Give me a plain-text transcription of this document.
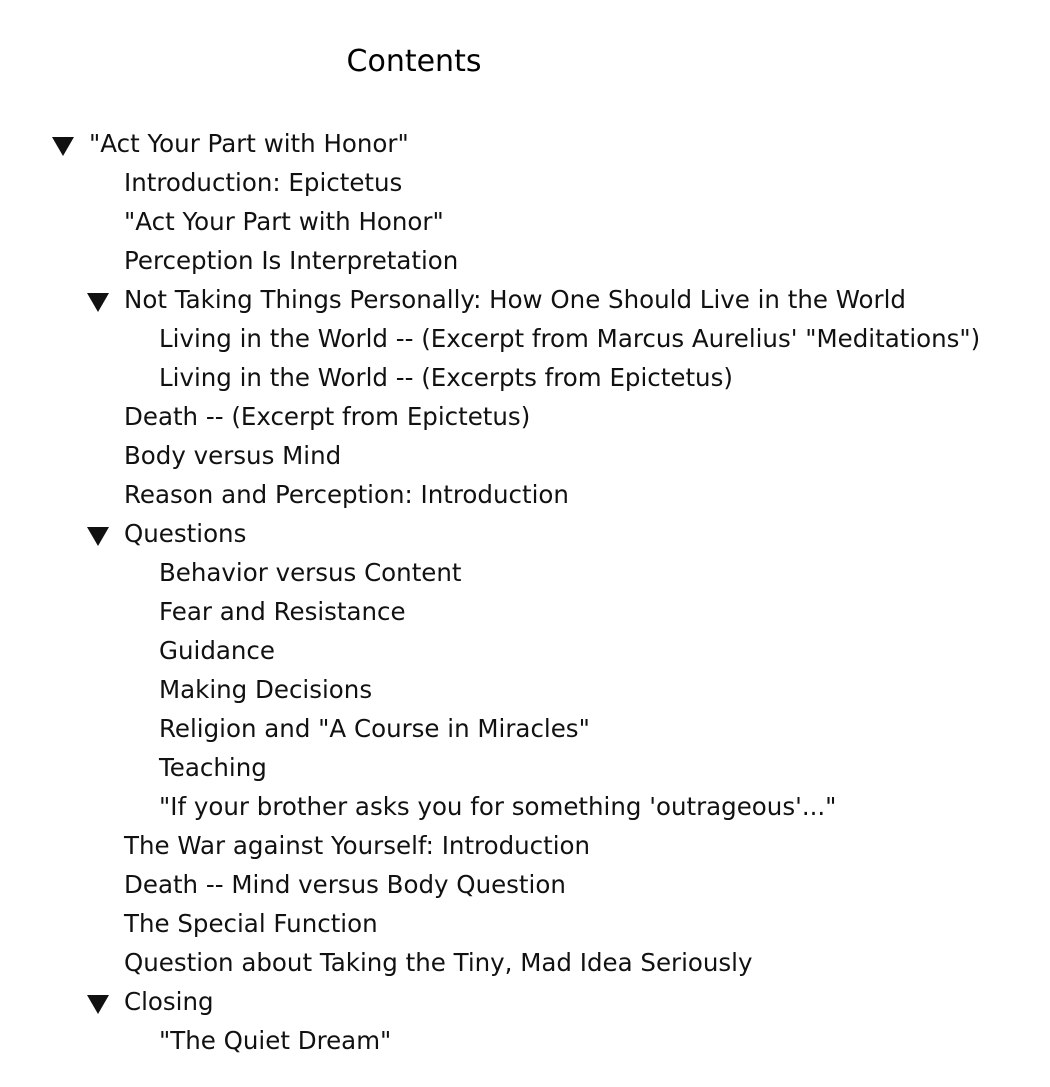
Contents
"Act Your Part with Honor"
Introduction: Epictetus
"Act Your Part with Honor"
Perception Is Interpretation
Not Taking Things Personally: How One Should Live in the World
Living in the World -- (Excerpt from Marcus Aurelius' "Meditations")
Living in the World -- (Excerpts from Epictetus)
Death -- (Excerpt from Epictetus)
Body versus Mind
Reason and Perception: Introduction
Questions
Behavior versus Content
Fear and Resistance
Guidance
Making Decisions
Religion and "A Course in Miracles"
Teaching
"If your brother asks you for something 'outrageous'..."
The War against Yourself: Introduction
Death -- Mind versus Body Question
The Special Function
Question about Taking the Tiny, Mad Idea Seriously
Closing
"The Quiet Dream"
